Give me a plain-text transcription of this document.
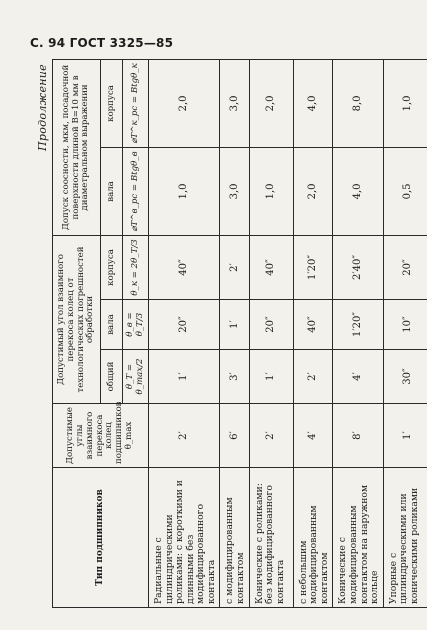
С. 94 ГОСТ 3325—85
Продолжение
Тип подшипников	Допустимые углы взаимного перекоса колец подшипников θ_max	Допустимый угол взаимного перекоса колец от технологических погрешностей обработки			Допуск соосности, мкм, посадочной поверхности длиной B=10 мм в диаметральном выражении	
		общий	вала	корпуса	вала	корпуса
		θ_Т = θ_max/2	θ_в = θ_Т/3	θ_к = 2θ_Т/3	⌀T^в_pc = Btgθ_в	⌀T^к_pc = Btgθ_к
Радиальные с цилиндрическими роликами: с короткими и длинными без модифицированного контакта	2′	1′	20″	40″	1,0	2,0
с модифицированным контактом	6′	3′	1′	2′	3,0	3,0
Конические с роликами: без модифицированного контакта	2′	1′	20″	40″	1,0	2,0
с небольшим модифицированным контактом	4′	2′	40″	1′20″	2,0	4,0
Конические с модифицированным контактом на наружном кольце	8′	4′	1′20″	2′40″	4,0	8,0
Упорные с цилиндрическими или коническими роликами	1′	30″	10″	20″	0,5	1,0
